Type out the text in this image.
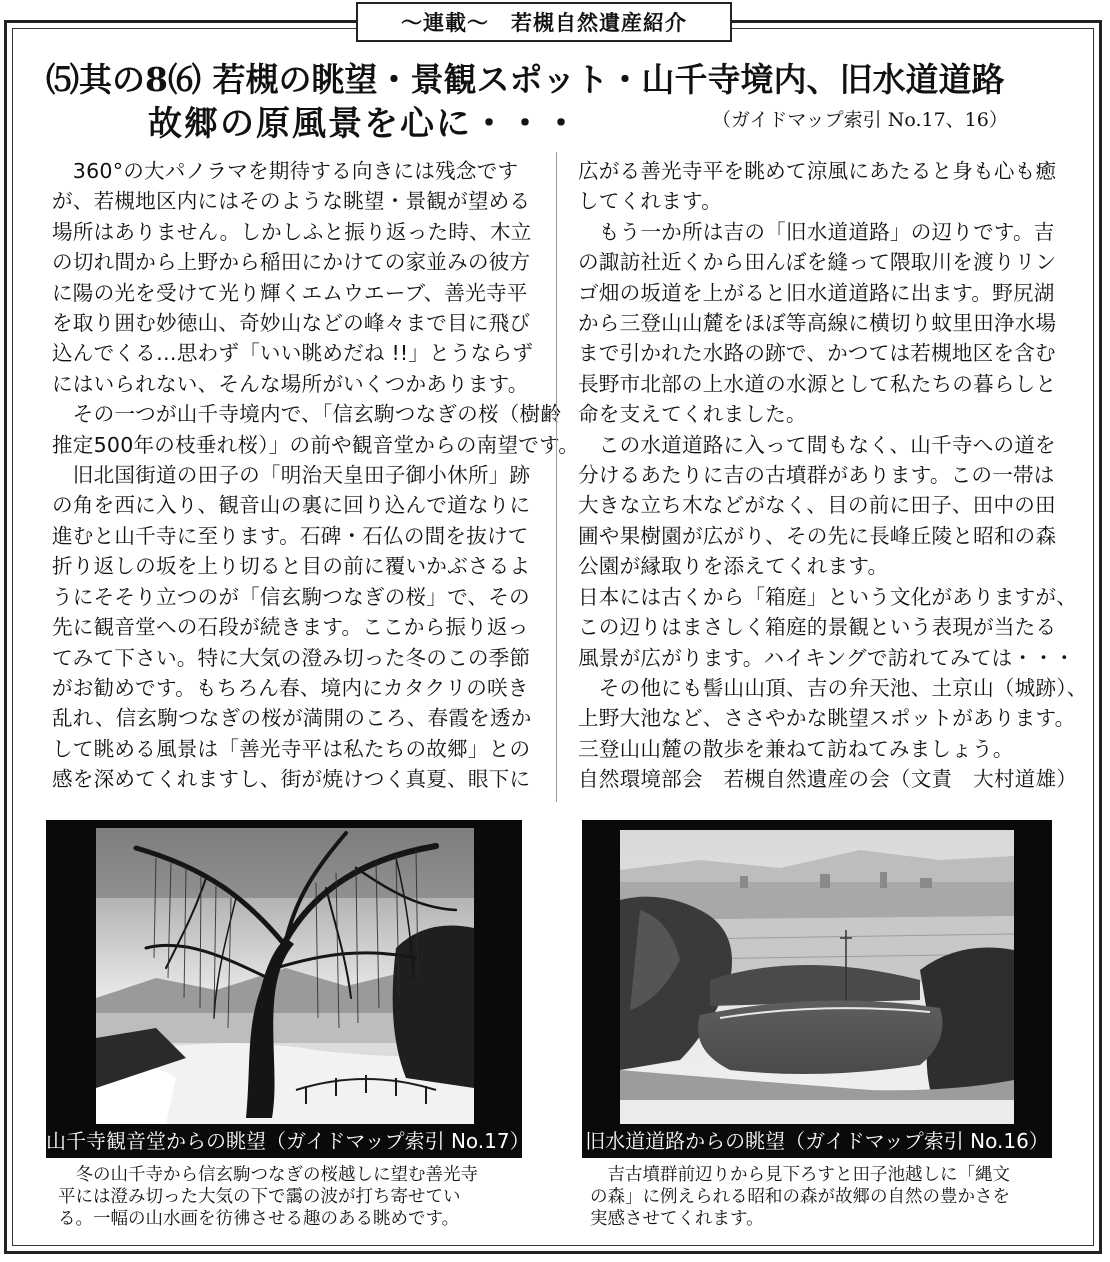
〜連載〜　若槻自然遺産紹介
⑸其の8⑹ 若槻の眺望・景観スポット・山千寺境内、旧水道道路
故郷の原風景を心に・・・	（ガイドマップ索引 No.17、16）

　360°の大パノラマを期待する向きには残念です

が、若槻地区内にはそのような眺望・景観が望める

場所はありません。しかしふと振り返った時、木立

の切れ間から上野から稲田にかけての家並みの彼方

に陽の光を受けて光り輝くエムウエーブ、善光寺平

を取り囲む妙徳山、奇妙山などの峰々まで目に飛び

込んでくる…思わず「いい眺めだね !!」とうならず

にはいられない、そんな場所がいくつかあります。

　その一つが山千寺境内で、「信玄駒つなぎの桜（樹齢

推定500年の枝垂れ桜）」の前や観音堂からの南望です。

　旧北国街道の田子の「明治天皇田子御小休所」跡

の角を西に入り、観音山の裏に回り込んで道なりに

進むと山千寺に至ります。石碑・石仏の間を抜けて

折り返しの坂を上り切ると目の前に覆いかぶさるよ

うにそそり立つのが「信玄駒つなぎの桜」で、その

先に観音堂への石段が続きます。ここから振り返っ

てみて下さい。特に大気の澄み切った冬のこの季節

がお勧めです。もちろん春、境内にカタクリの咲き

乱れ、信玄駒つなぎの桜が満開のころ、春霞を透か

して眺める風景は「善光寺平は私たちの故郷」との

感を深めてくれますし、街が焼けつく真夏、眼下に

広がる善光寺平を眺めて涼風にあたると身も心も癒

してくれます。

　もう一か所は吉の「旧水道道路」の辺りです。吉

の諏訪社近くから田んぼを縫って隈取川を渡りリン

ゴ畑の坂道を上がると旧水道道路に出ます。野尻湖

から三登山山麓をほぼ等高線に横切り蚊里田浄水場

まで引かれた水路の跡で、かつては若槻地区を含む

長野市北部の上水道の水源として私たちの暮らしと

命を支えてくれました。

　この水道道路に入って間もなく、山千寺への道を

分けるあたりに吉の古墳群があります。この一帯は

大きな立ち木などがなく、目の前に田子、田中の田

圃や果樹園が広がり、その先に長峰丘陵と昭和の森

公園が縁取りを添えてくれます。

日本には古くから「箱庭」という文化がありますが、

この辺りはまさしく箱庭的景観という表現が当たる

風景が広がります。ハイキングで訪れてみては・・・

　その他にも髻山山頂、吉の弁天池、土京山（城跡）、

上野大池など、ささやかな眺望スポットがあります。

三登山山麓の散歩を兼ねて訪ねてみましょう。

自然環境部会　若槻自然遺産の会（文責　大村道雄）

山千寺観音堂からの眺望（ガイドマップ索引 No.17）	旧水道道路からの眺望（ガイドマップ索引 No.16）
　冬の山千寺から信玄駒つなぎの桜越しに望む善光寺
平には澄み切った大気の下で靄の波が打ち寄せてい
る。一幅の山水画を彷彿させる趣のある眺めです。
　吉古墳群前辺りから見下ろすと田子池越しに「縄文
の森」に例えられる昭和の森が故郷の自然の豊かさを
実感させてくれます。
